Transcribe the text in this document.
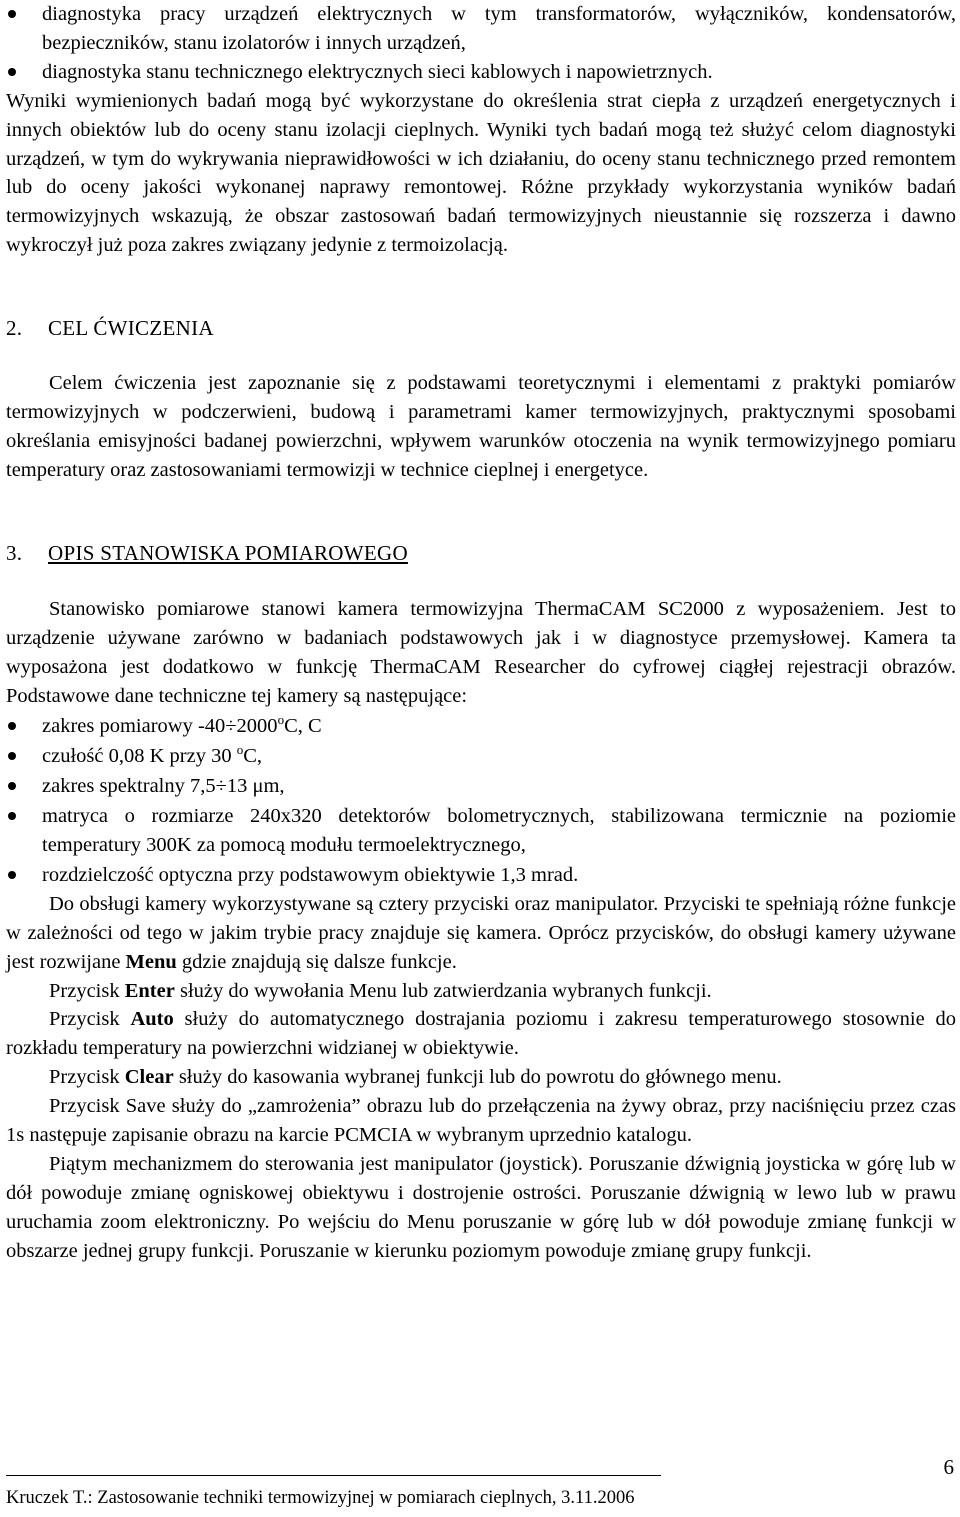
diagnostyka pracy urządzeń elektrycznych w tym transformatorów, wyłączników, kondensatorów, bezpieczników, stanu izolatorów i innych urządzeń,
diagnostyka stanu technicznego elektrycznych sieci kablowych i napowietrznych.

Wyniki wymienionych badań mogą być wykorzystane do określenia strat ciepła z urządzeń energetycznych i innych obiektów lub do oceny stanu izolacji cieplnych. Wyniki tych badań mogą też służyć celom diagnostyki urządzeń, w tym do wykrywania nieprawidłowości w ich działaniu, do oceny stanu technicznego przed remontem lub do oceny jakości wykonanej naprawy remontowej. Różne przykłady wykorzystania wyników badań termowizyjnych wskazują, że obszar zastosowań badań termowizyjnych nieustannie się rozszerza i dawno wykroczył już poza zakres związany jedynie z termoizolacją.

2. CEL ĆWICZENIA

Celem ćwiczenia jest zapoznanie się z podstawami teoretycznymi i elementami z praktyki pomiarów termowizyjnych w podczerwieni, budową i parametrami kamer termowizyjnych, praktycznymi sposobami określania emisyjności badanej powierzchni, wpływem warunków otoczenia na wynik termowizyjnego pomiaru temperatury oraz zastosowaniami termowizji w technice cieplnej i energetyce.

3. OPIS STANOWISKA POMIAROWEGO

Stanowisko pomiarowe stanowi kamera termowizyjna ThermaCAM SC2000 z wyposażeniem. Jest to urządzenie używane zarówno w badaniach podstawowych jak i w diagnostyce przemysłowej. Kamera ta wyposażona jest dodatkowo w funkcję ThermaCAM Researcher do cyfrowej ciągłej rejestracji obrazów. Podstawowe dane techniczne tej kamery są następujące:

zakres pomiarowy $-40\div 2000^oC$, C
czułość 0,08 K przy 30 $^o$C,
zakres spektralny 7,5÷13 μm,
matryca o rozmiarze 240x320 detektorów bolometrycznych, stabilizowana termicznie na poziomie temperatury 300K za pomocą modułu termoelektrycznego,
rozdzielczość optyczna przy podstawowym obiektywie 1,3 mrad.

Do obsługi kamery wykorzystywane są cztery przyciski oraz manipulator. Przyciski te spełniają różne funkcje w zależności od tego w jakim trybie pracy znajduje się kamera. Oprócz przycisków, do obsługi kamery używane jest rozwijane Menu gdzie znajdują się dalsze funkcje.

Przycisk Enter służy do wywołania Menu lub zatwierdzania wybranych funkcji.

Przycisk Auto służy do automatycznego dostrajania poziomu i zakresu temperaturowego stosownie do rozkładu temperatury na powierzchni widzianej w obiektywie.

Przycisk Clear służy do kasowania wybranej funkcji lub do powrotu do głównego menu.

Przycisk Save służy do „zamrożenia” obrazu lub do przełączenia na żywy obraz, przy naciśnięciu przez czas 1s następuje zapisanie obrazu na karcie PCMCIA w wybranym uprzednio katalogu.

Piątym mechanizmem do sterowania jest manipulator (joystick). Poruszanie dźwignią joysticka w górę lub w dół powoduje zmianę ogniskowej obiektywu i dostrojenie ostrości. Poruszanie dźwignią w lewo lub w prawu uruchamia zoom elektroniczny. Po wejściu do Menu poruszanie w górę lub w dół powoduje zmianę funkcji w obszarze jednej grupy funkcji. Poruszanie w kierunku poziomym powoduje zmianę grupy funkcji.

Kruczek T.: Zastosowanie techniki termowizyjnej w pomiarach cieplnych, 3.11.2006
6
